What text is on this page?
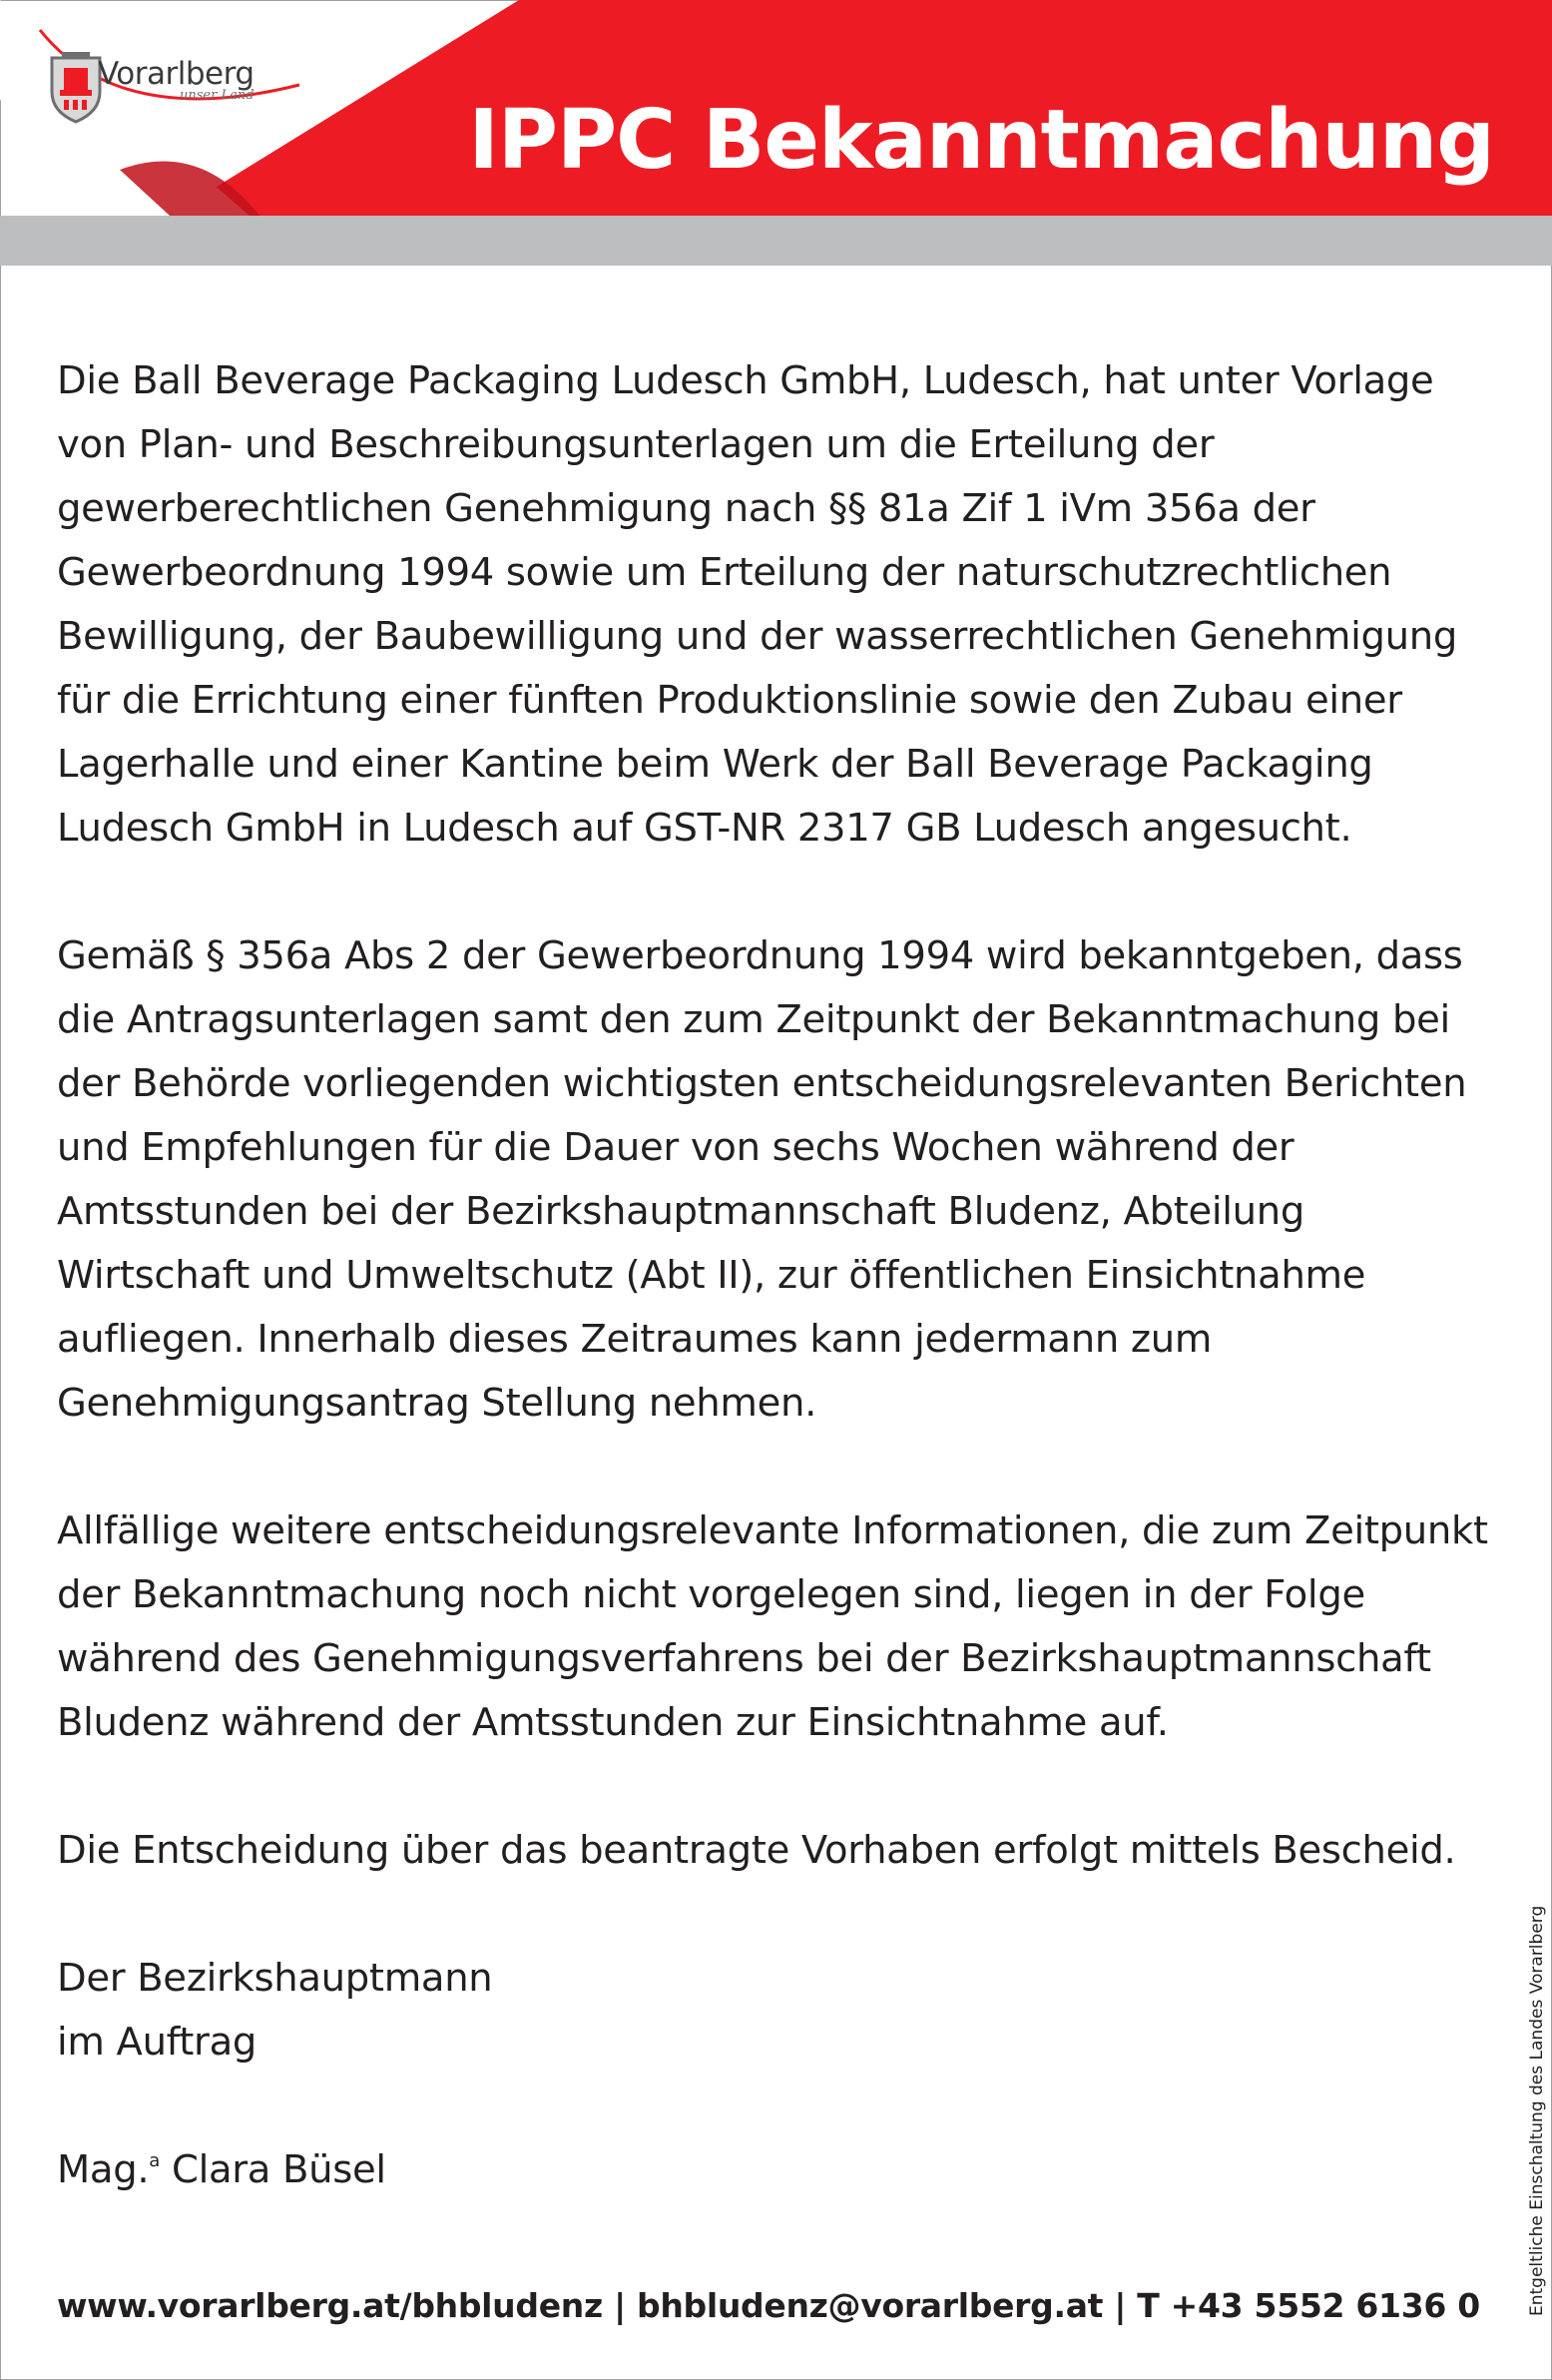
Vorarlberg
unser Land	IPPC Bekanntmachung

Die Ball Beverage Packaging Ludesch GmbH, Ludesch, hat unter Vorlage von Plan- und Beschreibungsunterlagen um die Erteilung der gewerberechtlichen Genehmigung nach §§ 81a Zif 1 iVm 356a der Gewerbeordnung 1994 sowie um Erteilung der naturschutzrechtlichen Bewilligung, der Baubewilligung und der wasserrechtlichen Genehmigung für die Errichtung einer fünften Produktionslinie sowie den Zubau einer Lagerhalle und einer Kantine beim Werk der Ball Beverage Packaging Ludesch GmbH in Ludesch auf GST-NR 2317 GB Ludesch angesucht.

Gemäß § 356a Abs 2 der Gewerbeordnung 1994 wird bekanntgeben, dass die Antragsunterlagen samt den zum Zeitpunkt der Bekanntmachung bei der Behörde vorliegenden wichtigsten entscheidungsrelevanten Berichten und Empfehlungen für die Dauer von sechs Wochen während der Amtsstunden bei der Bezirkshauptmannschaft Bludenz, Abteilung Wirtschaft und Umweltschutz (Abt II), zur öffentlichen Einsichtnahme aufliegen. Innerhalb dieses Zeitraumes kann jedermann zum Genehmigungsantrag Stellung nehmen.

Allfällige weitere entscheidungsrelevante Informationen, die zum Zeitpunkt der Bekanntmachung noch nicht vorgelegen sind, liegen in der Folge während des Genehmigungsverfahrens bei der Bezirkshauptmannschaft Bludenz während der Amtsstunden zur Einsichtnahme auf.

Die Entscheidung über das beantragte Vorhaben erfolgt mittels Bescheid.

Der Bezirkshauptmann

im Auftrag

Mag.$^a$ Clara Büsel

www.vorarlberg.at/bhbludenz | bhbludenz@vorarlberg.at | T +43 5552 6136 0	Entgeltliche Einschaltung des Landes Vorarlberg
